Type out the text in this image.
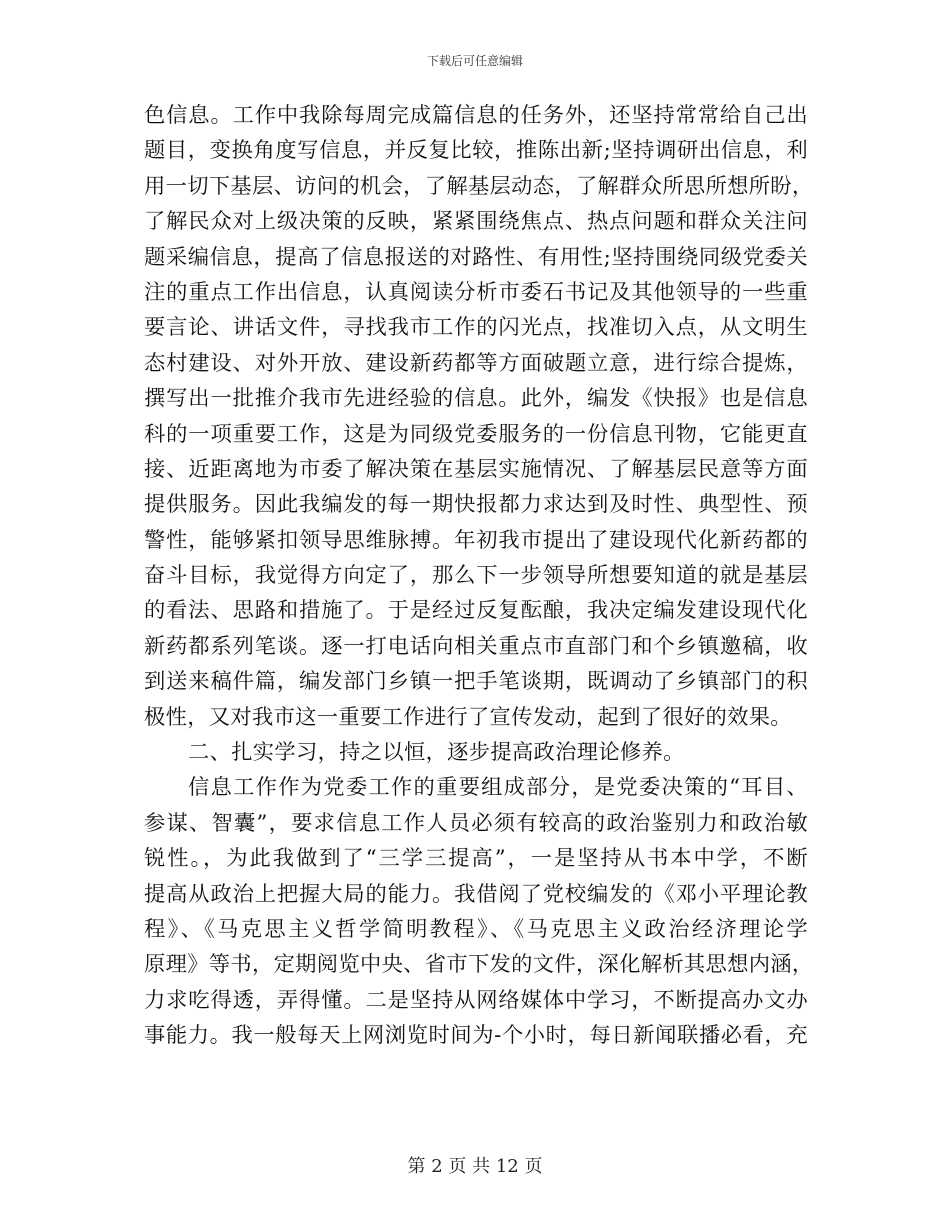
下载后可任意编辑
色信息。工作中我除每周完成篇信息的任务外，还坚持常常给自己出
题目，变换角度写信息，并反复比较，推陈出新;坚持调研出信息，利
用一切下基层、访问的机会，了解基层动态，了解群众所思所想所盼，
了解民众对上级决策的反映，紧紧围绕焦点、热点问题和群众关注问
题采编信息，提高了信息报送的对路性、有用性;坚持围绕同级党委关
注的重点工作出信息，认真阅读分析市委石书记及其他领导的一些重
要言论、讲话文件，寻找我市工作的闪光点，找准切入点，从文明生
态村建设、对外开放、建设新药都等方面破题立意，进行综合提炼，
撰写出一批推介我市先进经验的信息。此外，编发《快报》也是信息
科的一项重要工作，这是为同级党委服务的一份信息刊物，它能更直
接、近距离地为市委了解决策在基层实施情况、了解基层民意等方面
提供服务。因此我编发的每一期快报都力求达到及时性、典型性、预
警性，能够紧扣领导思维脉搏。年初我市提出了建设现代化新药都的
奋斗目标，我觉得方向定了，那么下一步领导所想要知道的就是基层
的看法、思路和措施了。于是经过反复酝酿，我决定编发建设现代化
新药都系列笔谈。逐一打电话向相关重点市直部门和个乡镇邀稿，收
到送来稿件篇，编发部门乡镇一把手笔谈期，既调动了乡镇部门的积
极性，又对我市这一重要工作进行了宣传发动，起到了很好的效果。
二、扎实学习，持之以恒，逐步提高政治理论修养。
信息工作作为党委工作的重要组成部分，是党委决策的“耳目、
参谋、智囊”，要求信息工作人员必须有较高的政治鉴别力和政治敏
锐性。，为此我做到了“三学三提高”，一是坚持从书本中学，不断
提高从政治上把握大局的能力。我借阅了党校编发的《邓小平理论教
程》、《马克思主义哲学简明教程》、《马克思主义政治经济理论学
原理》等书，定期阅览中央、省市下发的文件，深化解析其思想内涵，
力求吃得透，弄得懂。二是坚持从网络媒体中学习，不断提高办文办
事能力。我一般每天上网浏览时间为-个小时，每日新闻联播必看，充
第 2 页 共 12 页
